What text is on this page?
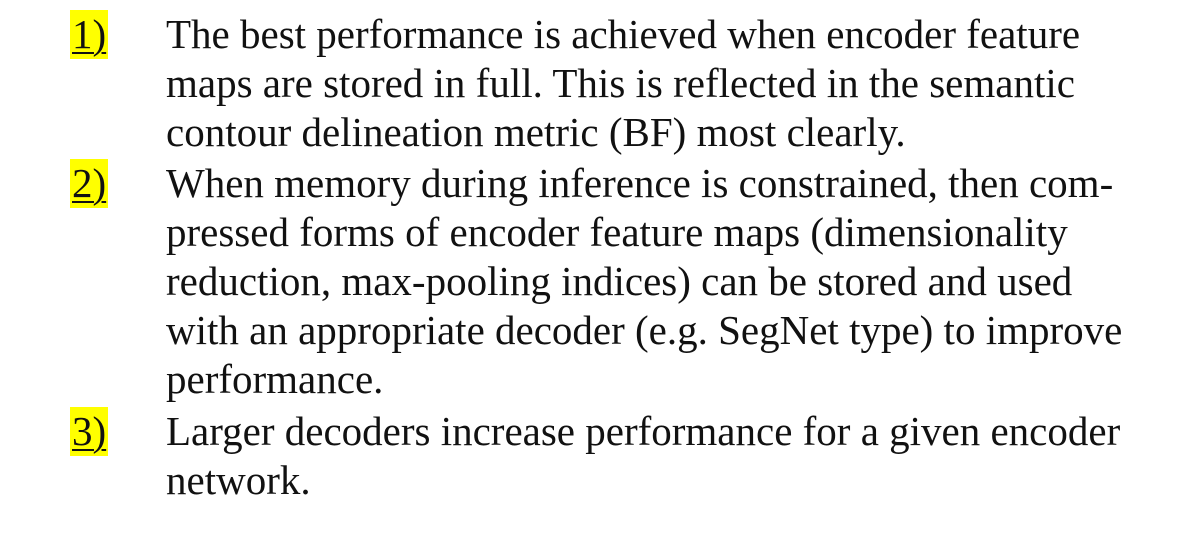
1) The best performance is achieved when encoder feature
maps are stored in full. This is reflected in the semantic
contour delineation metric (BF) most clearly.
2) When memory during inference is constrained, then com-
pressed forms of encoder feature maps (dimensionality
reduction, max-pooling indices) can be stored and used
with an appropriate decoder (e.g. SegNet type) to improve
performance.
3) Larger decoders increase performance for a given encoder
network.
